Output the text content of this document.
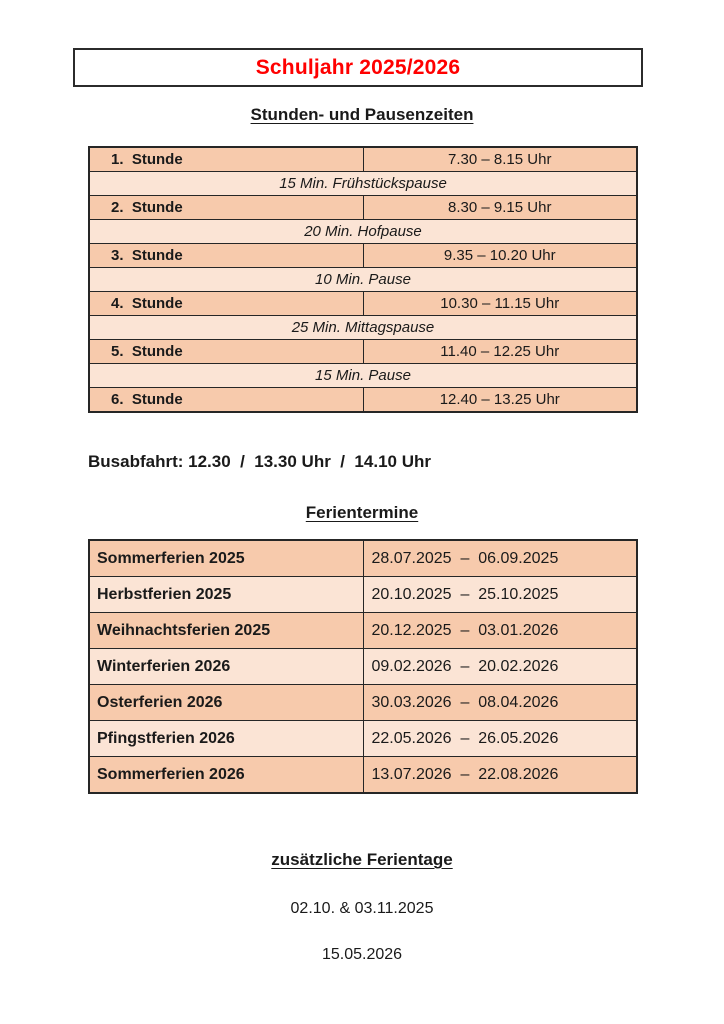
Schuljahr 2025/2026
Stunden- und Pausenzeiten
1.  Stunde	7.30 – 8.15 Uhr
15 Min. Frühstückspause	
2.  Stunde	8.30 – 9.15 Uhr
20 Min. Hofpause	
3.  Stunde	9.35 – 10.20 Uhr
10 Min. Pause	
4.  Stunde	10.30 – 11.15 Uhr
25 Min. Mittagspause	
5.  Stunde	11.40 – 12.25 Uhr
15 Min. Pause	
6.  Stunde	12.40 – 13.25 Uhr

Busabfahrt: 12.30  /  13.30 Uhr  /  14.10 Uhr

Ferientermine
Sommerferien 2025	28.07.2025  –  06.09.2025
Herbstferien 2025	20.10.2025  –  25.10.2025
Weihnachtsferien 2025	20.12.2025  –  03.01.2026
Winterferien 2026	09.02.2026  –  20.02.2026
Osterferien 2026	30.03.2026  –  08.04.2026
Pfingstferien 2026	22.05.2026  –  26.05.2026
Sommerferien 2026	13.07.2026  –  22.08.2026
zusätzliche Ferientage

02.10. & 03.11.2025

15.05.2026
